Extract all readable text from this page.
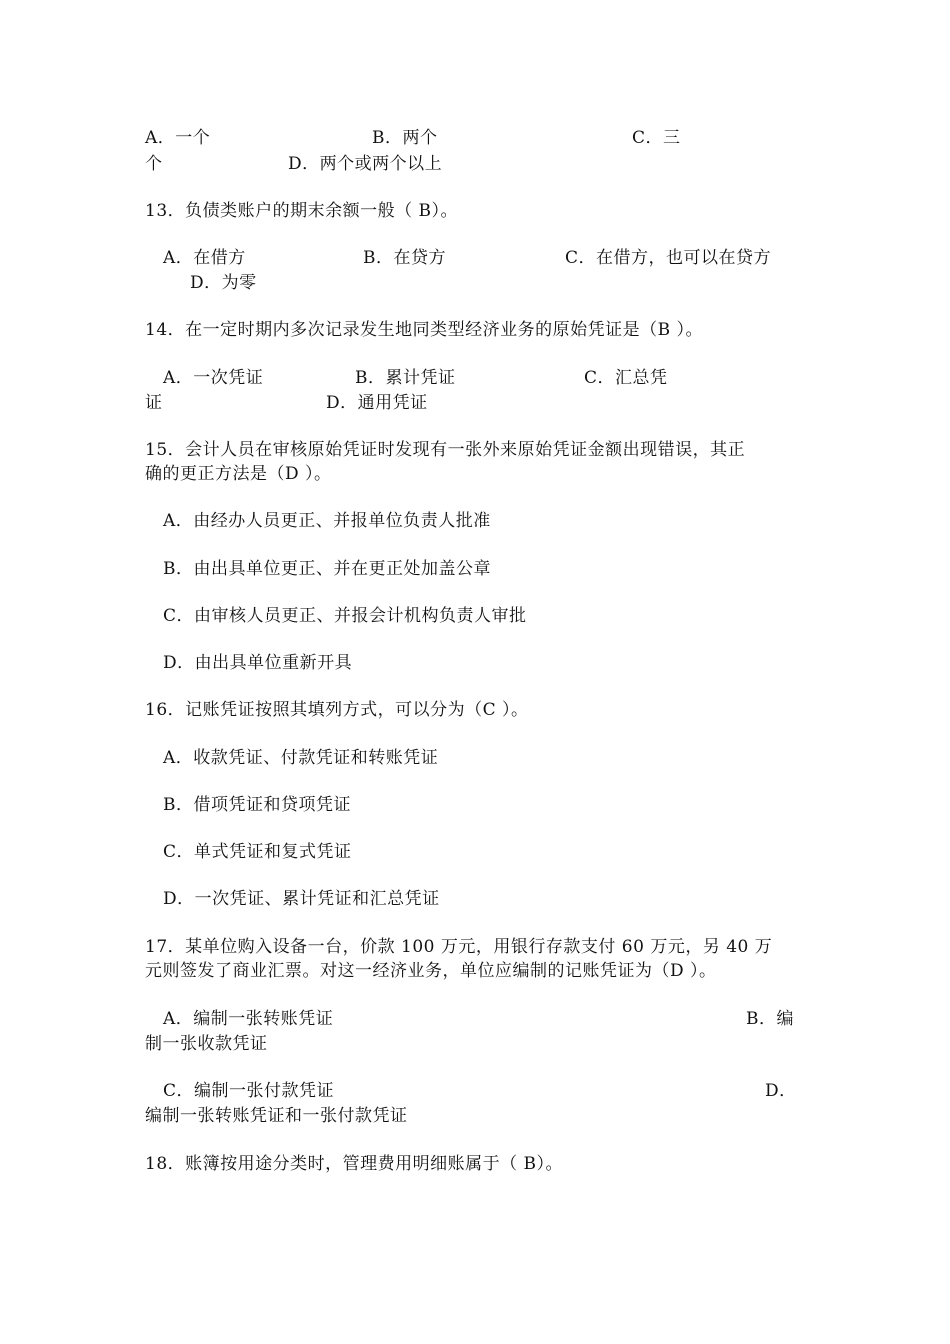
A．一个	B．两个	C．三
个	D．两个或两个以上
13．负债类账户的期末余额一般（ B）。
A．在借方	B．在贷方	C．在借方，也可以在贷方
D．为零
14．在一定时期内多次记录发生地同类型经济业务的原始凭证是（B ）。
A．一次凭证	B．累计凭证	C．汇总凭
证	D．通用凭证
15．会计人员在审核原始凭证时发现有一张外来原始凭证金额出现错误，其正
确的更正方法是（D ）。
A．由经办人员更正、并报单位负责人批准
B．由出具单位更正、并在更正处加盖公章
C．由审核人员更正、并报会计机构负责人审批
D．由出具单位重新开具
16．记账凭证按照其填列方式，可以分为（C ）。
A．收款凭证、付款凭证和转账凭证
B．借项凭证和贷项凭证
C．单式凭证和复式凭证
D．一次凭证、累计凭证和汇总凭证
17．某单位购入设备一台，价款 100 万元，用银行存款支付 60 万元，另 40 万
元则签发了商业汇票。对这一经济业务，单位应编制的记账凭证为（D ）。
A．编制一张转账凭证	B．编
制一张收款凭证
C．编制一张付款凭证	D．
编制一张转账凭证和一张付款凭证
18．账簿按用途分类时，管理费用明细账属于（ B）。
